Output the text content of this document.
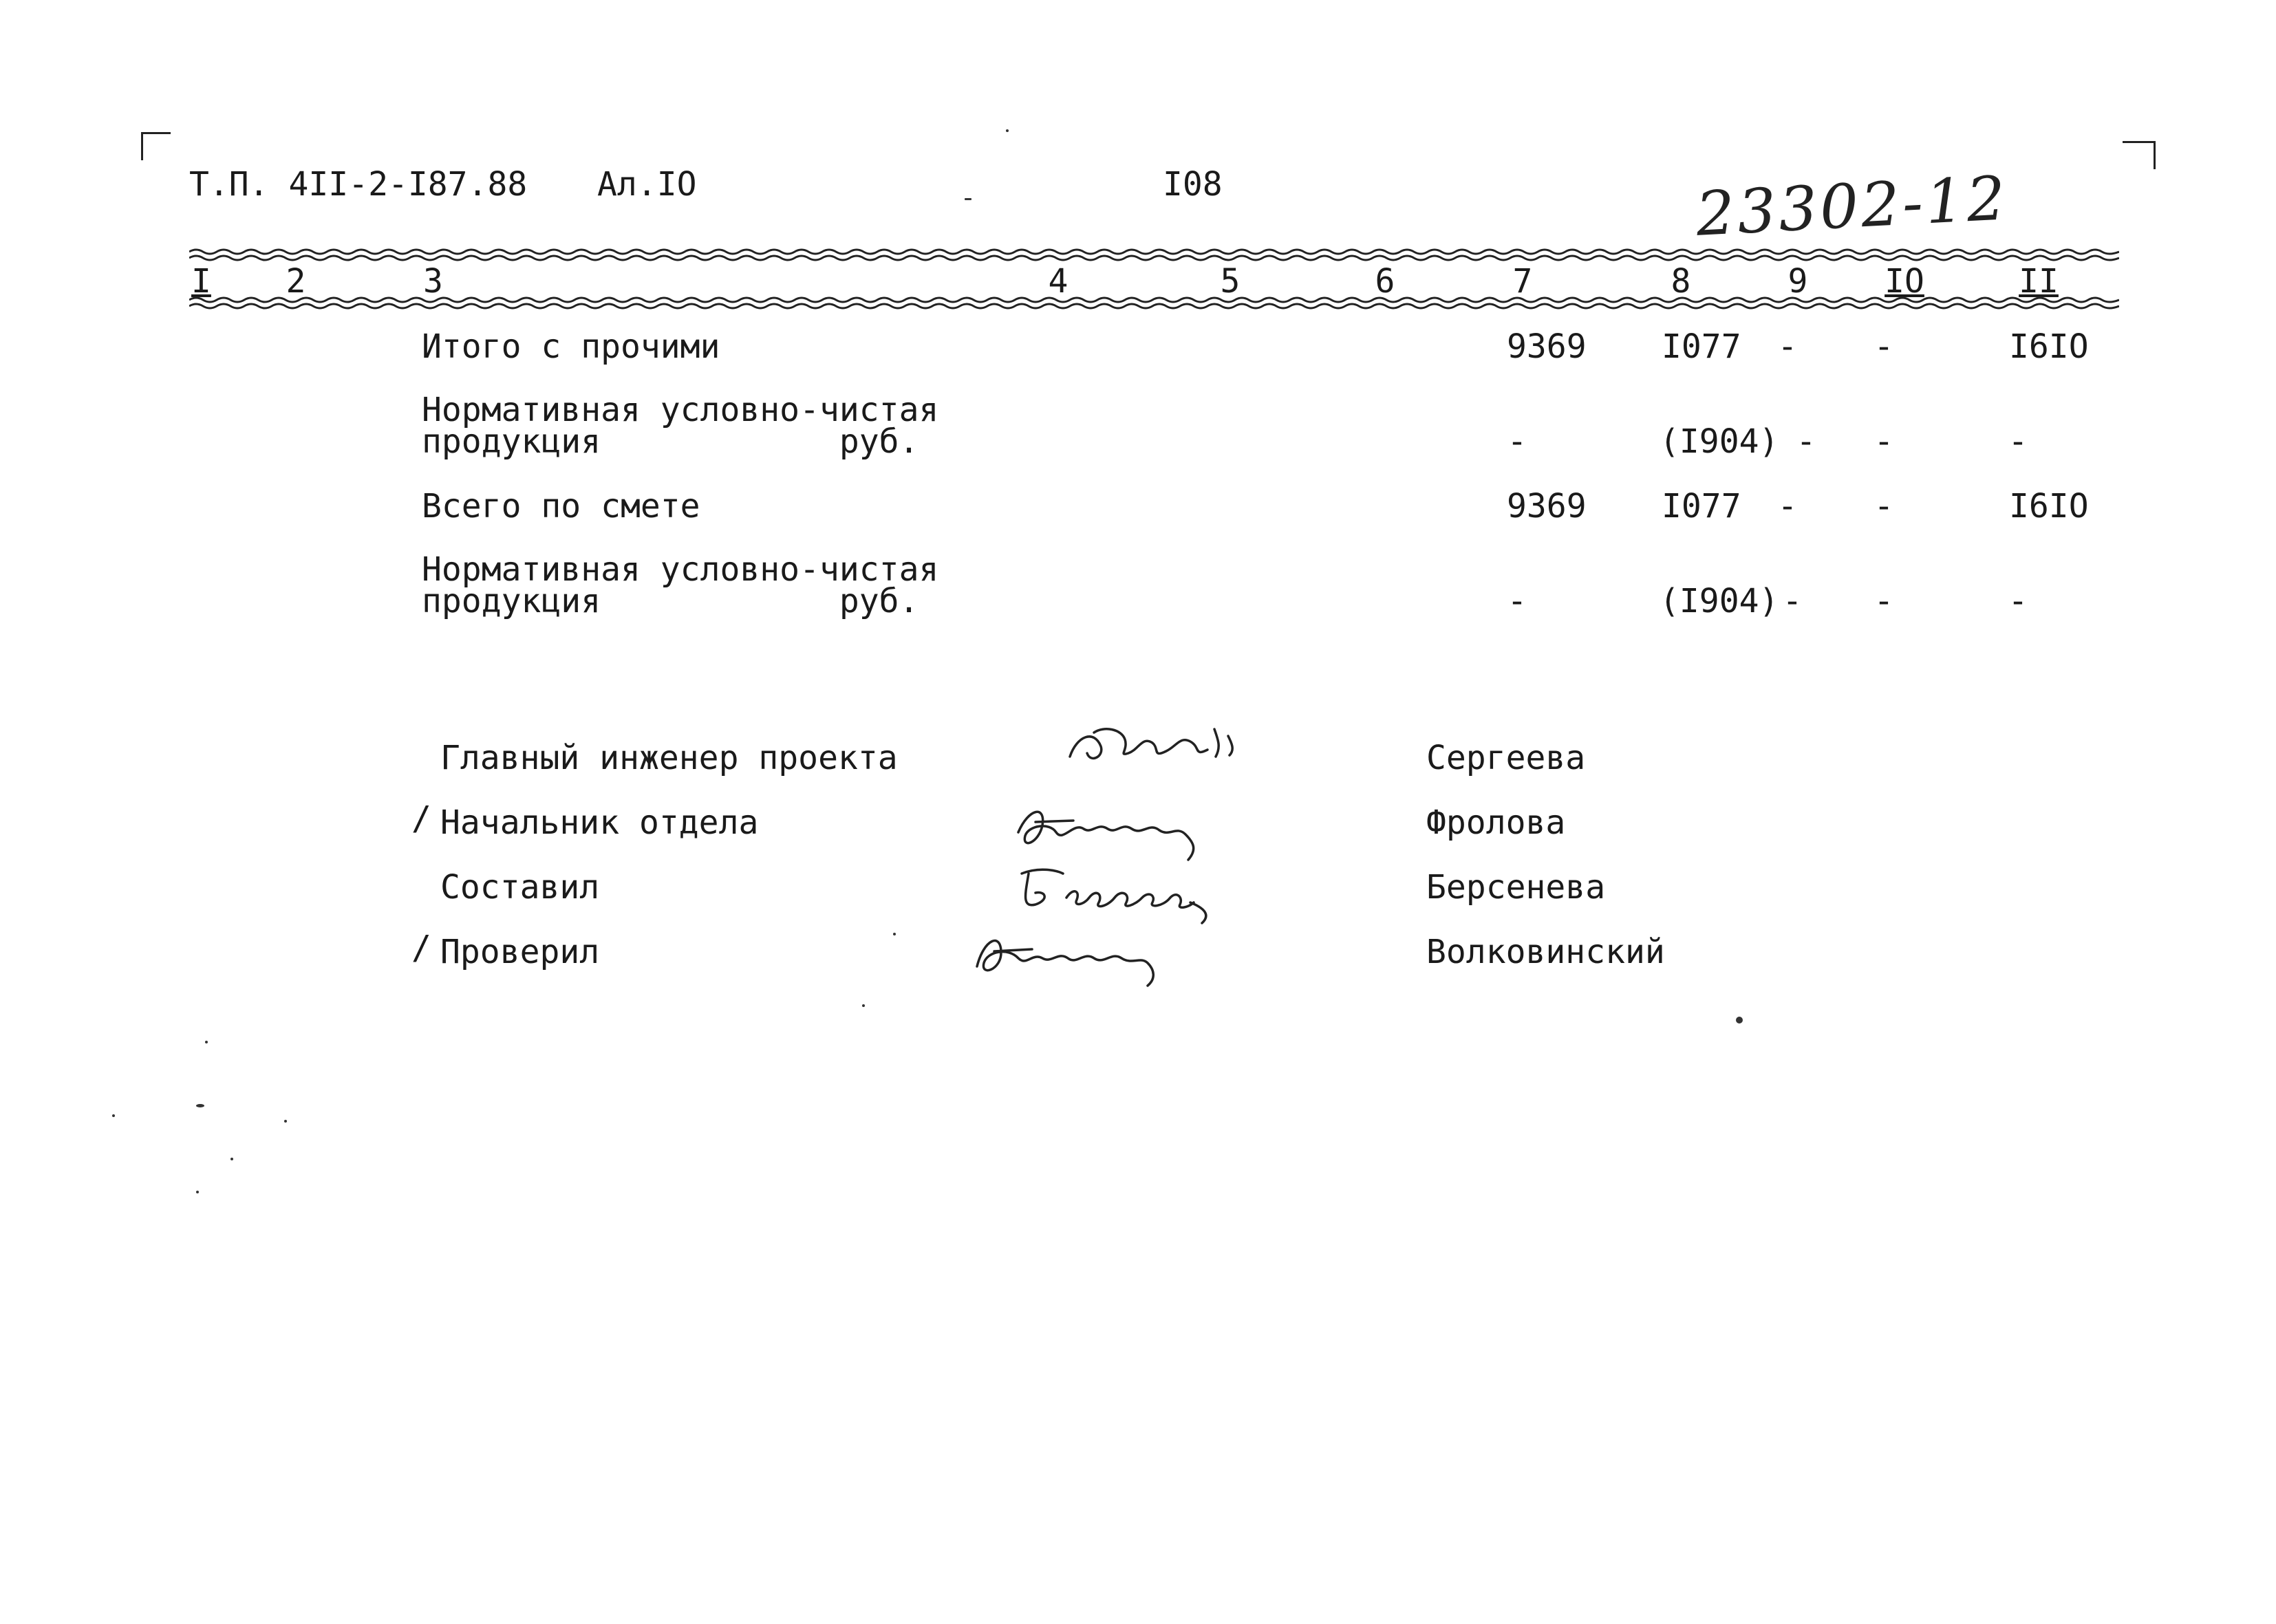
Т.П. 4II-2-I87.88 Ал.IO	I08	23302-12
I 2	3	4	5	6	7	8	9 IO	II
Итого с прочими	9369 I077 - -	I6IO
Нормативная условно-чистая
продукция            руб.	-	(I904) - -	-
Всего по смете	9369 I077 - -	I6IO
Нормативная условно-чистая
продукция            руб.	-	(I904) - -	-
Главный инженер проекта	Сергеева
/ Начальник отдела	Фролова
Составил	Берсенева
/ Проверил	Волковинский
